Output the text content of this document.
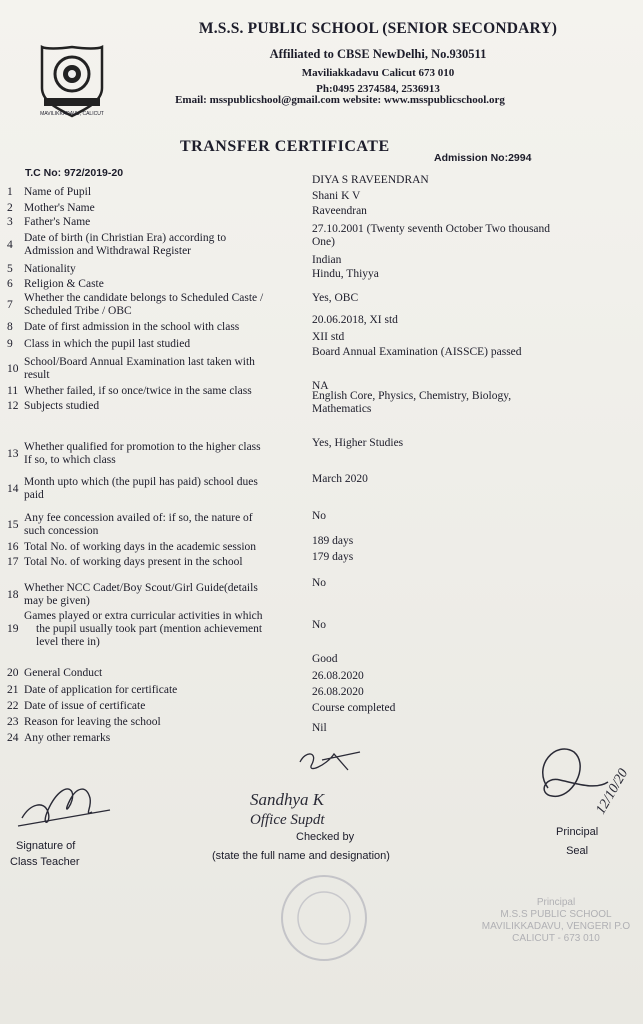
MAVILIKKADAVU, CALICUT
M.S.S. PUBLIC SCHOOL (SENIOR SECONDARY)
Affiliated to CBSE NewDelhi, No.930511
Maviliakkadavu Calicut 673 010
Ph:0495 2374584, 2536913
Email: msspublicshool@gmail.com website: www.msspublicschool.org
TRANSFER CERTIFICATE
T.C No: 972/2019-20
Admission No:2994
1 Name of Pupil
DIYA S RAVEENDRAN
2 Mother's Name
Shani K V
3 Father's Name
Raveendran
4
Date of birth (in Christian Era) according to
Admission and Withdrawal Register
27.10.2001 (Twenty seventh October Two thousand
One)
5 Nationality
Indian
6 Religion & Caste
Hindu, Thiyya
7
Whether the candidate belongs to Scheduled Caste /
Scheduled Tribe / OBC
Yes, OBC
8 Date of first admission in the school with class
20.06.2018, XI std
9 Class in which the pupil last studied
XII std
10
School/Board Annual Examination last taken with
result
Board Annual Examination (AISSCE) passed
11 Whether failed, if so once/twice in the same class	NA
12 Subjects studied
English Core, Physics, Chemistry, Biology,
Mathematics
13
Whether qualified for promotion to the higher class
If so, to which class
Yes, Higher Studies
14
Month upto which (the pupil has paid) school dues
paid
March 2020
15
Any fee concession availed of: if so, the nature of
such concession
No
16 Total No. of working days in the academic session	189 days
17 Total No. of working days present in the school	179 days
18
Whether NCC Cadet/Boy Scout/Girl Guide(details
may be given)
No
19
Games played or extra curricular activities in which
the pupil usually took part (mention achievement
level there in)
No
20 General Conduct
Good
21 Date of application for certificate
26.08.2020
22 Date of issue of certificate
26.08.2020
23 Reason for leaving the school
Course completed
24 Any other remarks
Nil
Sandhya K
Office Supdt
12/10/20
Signature of
Class Teacher
Checked by
(state the full name and designation)
Principal
Seal
Principal
M.S.S PUBLIC SCHOOL
MAVILIKKADAVU, VENGERI P.O
CALICUT - 673 010
